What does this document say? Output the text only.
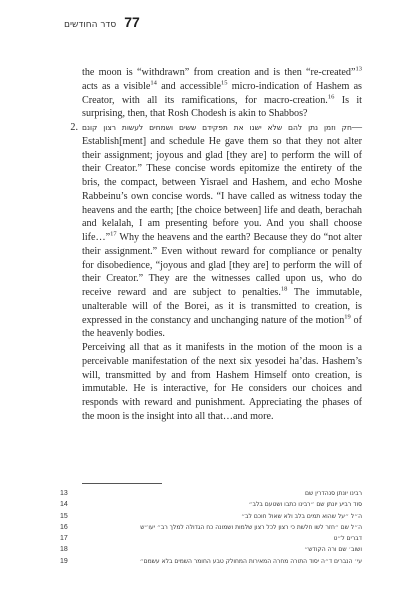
77
סדר החודשים

the moon is “withdrawn” from creation and is then “re-created”$^{13}$ acts as a visible$^{14}$ and accessible$^{15}$ micro-indication of Hashem as Creator, with all its ramifications, for macro-creation.$^{16}$ Is it surprising, then, that Rosh Chodesh is akin to Shabbos?

2. חק וזמן נתן להם שלא ישנו את תפקידם ששים ושמחים לעשות רצון קונם—Establish[ment] and schedule He gave them so that they not alter their assignment; joyous and glad [they are] to perform the will of their Creator.” These concise words epitomize the entirety of the bris, the compact, between Yisrael and Hashem, and echo Moshe Rabbeinu’s own concise words. “I have called as witness today the heavens and the earth; [the choice between] life and death, berachah and kelalah, I am presenting before you. And you shall choose life…”$^{17}$ Why the heavens and the earth? Because they do “not alter their assignment.” Even without reward for compliance or penalty for disobedience, “joyous and glad [they are] to perform the will of their Creator.” They are the witnesses called upon us, who do receive reward and are subject to penalties.$^{18}$ The immutable, unalterable will of the Borei, as it is transmitted to creation, is expressed in the constancy and unchanging nature of the motion$^{19}$ of the heavenly bodies.

Perceiving all that as it manifests in the motion of the moon is a perceivable manifestation of the next six yesodei ha’das. Hashem’s will, transmitted by and from Hashem Himself onto creation, is immutable. He is interactive, for He considers our choices and responds with reward and punishment. Appreciating the phases of the moon is the insight into all that…and more.

13	רבינו יונתן סנהדרין שם
14	סוד רביע יונתן שם ״רבינו כתבו ושטעם בלב״
15	ה״ל ״על שהוא תמים בלב ולא שאול חוכם לב״
16	ה״ל שם ״חזר לשו חלשת כי רצון לכל רצון שלמות ושמונה כח הגדולה למלך רב״ יעו״ש
17	דברים ל״ט
18	ושוב׳ שם ורה הקודש״
19	עי׳ הנברים ד״ה יסוד התורה מחרה המאירות המחולק טבע החומר השמים בלא עשמם״
